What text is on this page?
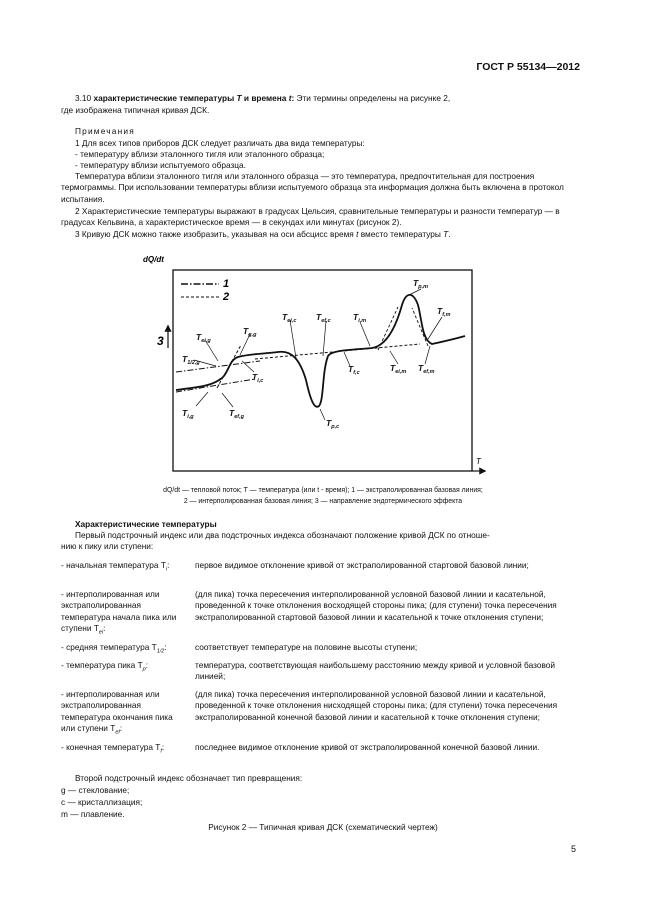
ГОСТ Р 55134—2012
3.10 характеристические температуры T и времена t: Эти термины определены на рисунке 2,
где изображена типичная кривая ДСК.
Примечания
1 Для всех типов приборов ДСК следует различать два вида температуры:
- температуру вблизи эталонного тигля или эталонного образца;
- температуру вблизи испытуемого образца.
Температура вблизи эталонного тигля или эталонного образца — это температура, предпочтительная для построения термограммы. При использовании температуры вблизи испытуемого образца эта информация должна быть включена в протокол испытания.
2 Характеристические температуры выражают в градусах Цельсия, сравнительные температуры и разности температур — в градусах Кельвина, а характеристическое время — в секундах или минутах (рисунок 2).
3 Кривую ДСК можно также изобразить, указывая на оси абсцисс время t вместо температуры T.
dQ/dt
T
1
2
3	$T_{ei,g}$
$T_{g,g}$
$T_{1/2,g}$
$T_{i,g}$	$T_{ef,g}$
$T_{i,c}$
$T_{ei,c}$
$T_{p,c}$
$T_{ef,c}$
$T_{f,c}$
$T_{i,m}$
$T_{p,m}$
$T_{f,m}$
$T_{ei,m}$ $T_{ef,m}$
dQ/dt — тепловой поток; T — температура (или t - время); 1 — экстраполированная базовая линия;
2 — интерполированная базовая линия; 3 — направление эндотермического эффекта
Характеристические температуры
Первый подстрочный индекс или два подстрочных индекса обозначают положение кривой ДСК по отноше-
нию к пику или ступени:
- начальная температура $T_i$:	первое видимое отклонение кривой от экстраполированной стартовой базовой линии;
- интерполированная или экстраполированная температура начала пика или ступени $T_{ei}$:
(для пика) точка пересечения интерполированной условной базовой линии и касательной, проведенной к точке отклонения восходящей стороны пика; (для ступени) точка пересечения экстраполированной стартовой базовой линии и касательной к точке отклонения ступени;
- средняя температура $T_{1/2}$:	соответствует температуре на половине высоты ступени;
- температура пика $T_p$:	температура, соответствующая наибольшему расстоянию между кривой и условной базовой линией;
- интерполированная или экстраполированная температура окончания пика или ступени $T_{ef}$:
(для пика) точка пересечения интерполированной условной базовой линии и касательной, проведенной к точке отклонения нисходящей стороны пика; (для ступени) точка пересечения экстраполированной конечной базовой линии и касательной к точке отклонения ступени;
- конечная температура $T_f$:	последнее видимое отклонение кривой от экстраполированной конечной базовой линии.
Второй подстрочный индекс обозначает тип превращения:
g — стеклование;
c — кристаллизация;
m — плавление.
Рисунок 2 — Типичная кривая ДСК (схематический чертеж)
5
